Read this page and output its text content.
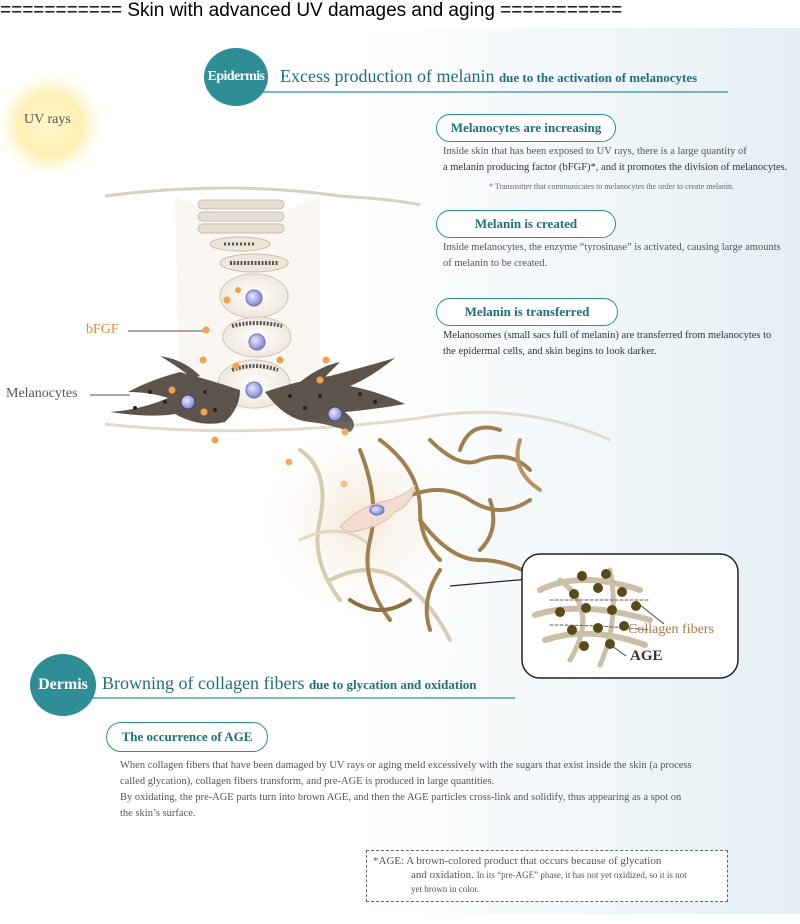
=========== Skin with advanced UV damages and aging ===========
Epidermis Excess production of melanin due to the activation of melanocytes
Melanocytes are increasing
Inside skin that has been exposed to UV rays, there is a large quantity of
a melanin producing factor (bFGF)*, and it promotes the division of melanocytes.
* Transmitter that communicates to melanocytes the order to create melanin.
Melanin is created
Inside melanocytes, the enzyme “tyrosinase” is activated, causing large amounts
of melanin to be created.
Melanin is transferred
Melanosomes (small sacs full of melanin) are transferred from melanocytes to
the epidermal cells, and skin begins to look darker.
UV rays
bFGF
Melanocytes
Collagen fibers
AGE
Dermis Browning of collagen fibers due to glycation and oxidation
The occurrence of AGE
When collagen fibers that have been damaged by UV rays or aging meld excessively with the sugars that exist inside the skin (a process
called glycation), collagen fibers transform, and pre-AGE is produced in large quantities.
By oxidating, the pre-AGE parts turn into brown AGE, and then the AGE particles cross-link and solidify, thus appearing as a spot on
the skin’s surface.
*AGE: A brown-colored product that occurs because of glycation
and oxidation. In its “pre-AGE” phase, it has not yet oxidized, so it is not
yet brown in color.
